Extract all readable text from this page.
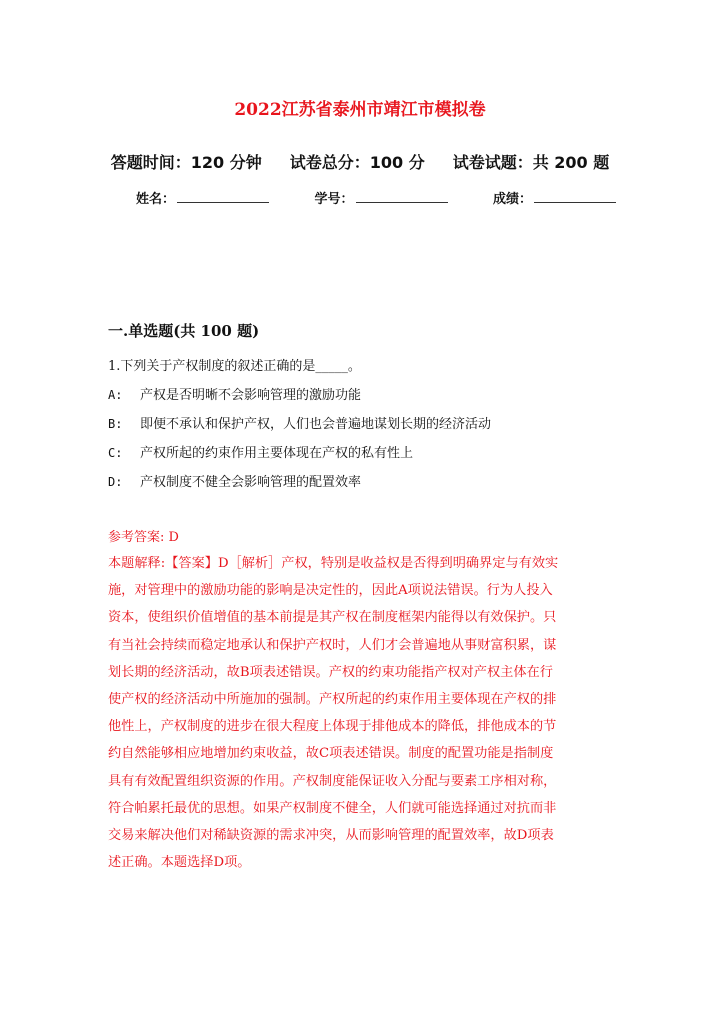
2022江苏省泰州市靖江市模拟卷
答题时间：120 分钟 试卷总分：100 分 试卷试题：共 200 题
姓名：	学号：	成绩：
一.单选题(共 100 题)
1.下列关于产权制度的叙述正确的是_____。
A: 产权是否明晰不会影响管理的激励功能
B: 即便不承认和保护产权，人们也会普遍地谋划长期的经济活动
C: 产权所起的约束作用主要体现在产权的私有性上
D: 产权制度不健全会影响管理的配置效率
参考答案: D
本题解释:【答案】D［解析］产权，特别是收益权是否得到明确界定与有效实
施，对管理中的激励功能的影响是决定性的，因此A项说法错误。行为人投入
资本，使组织价值增值的基本前提是其产权在制度框架内能得以有效保护。只
有当社会持续而稳定地承认和保护产权时，人们才会普遍地从事财富积累，谋
划长期的经济活动，故B项表述错误。产权的约束功能指产权对产权主体在行
使产权的经济活动中所施加的强制。产权所起的约束作用主要体现在产权的排
他性上，产权制度的进步在很大程度上体现于排他成本的降低，排他成本的节
约自然能够相应地增加约束收益，故C项表述错误。制度的配置功能是指制度
具有有效配置组织资源的作用。产权制度能保证收入分配与要素工序相对称，
符合帕累托最优的思想。如果产权制度不健全，人们就可能选择通过对抗而非
交易来解决他们对稀缺资源的需求冲突，从而影响管理的配置效率，故D项表
述正确。本题选择D项。
